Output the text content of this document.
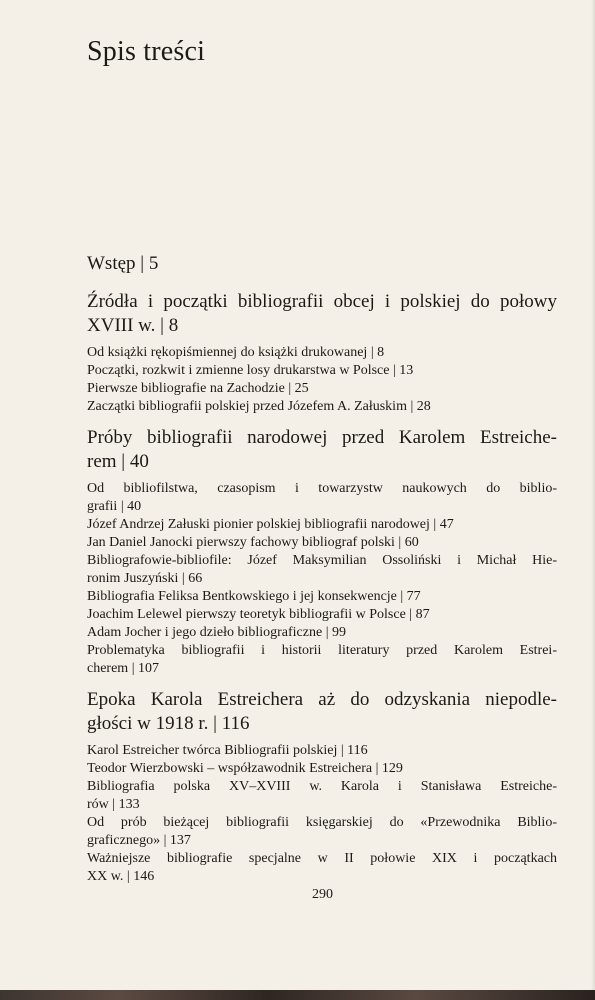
Spis treści

Wstęp | 5

Źródła i początki bibliografii obcej i polskiej do połowy

XVIII w. | 8

Od książki rękopiśmiennej do książki drukowanej | 8

Początki, rozkwit i zmienne losy drukarstwa w Polsce | 13

Pierwsze bibliografie na Zachodzie | 25

Zaczątki bibliografii polskiej przed Józefem A. Załuskim | 28

Próby bibliografii narodowej przed Karolem Estreiche-

rem | 40

Od bibliofilstwa, czasopism i towarzystw naukowych do biblio-

grafii | 40

Józef Andrzej Załuski pionier polskiej bibliografii narodowej | 47

Jan Daniel Janocki pierwszy fachowy bibliograf polski | 60

Bibliografowie-bibliofile: Józef Maksymilian Ossoliński i Michał Hie-

ronim Juszyński | 66

Bibliografia Feliksa Bentkowskiego i jej konsekwencje | 77

Joachim Lelewel pierwszy teoretyk bibliografii w Polsce | 87

Adam Jocher i jego dzieło bibliograficzne | 99

Problematyka bibliografii i historii literatury przed Karolem Estrei-

cherem | 107

Epoka Karola Estreichera aż do odzyskania niepodle-

głości w 1918 r. | 116

Karol Estreicher twórca Bibliografii polskiej | 116

Teodor Wierzbowski – współzawodnik Estreichera | 129

Bibliografia polska XV–XVIII w. Karola i Stanisława Estreiche-

rów | 133

Od prób bieżącej bibliografii księgarskiej do «Przewodnika Biblio-

graficznego» | 137

Ważniejsze bibliografie specjalne w II połowie XIX i początkach

XX w. | 146

290
